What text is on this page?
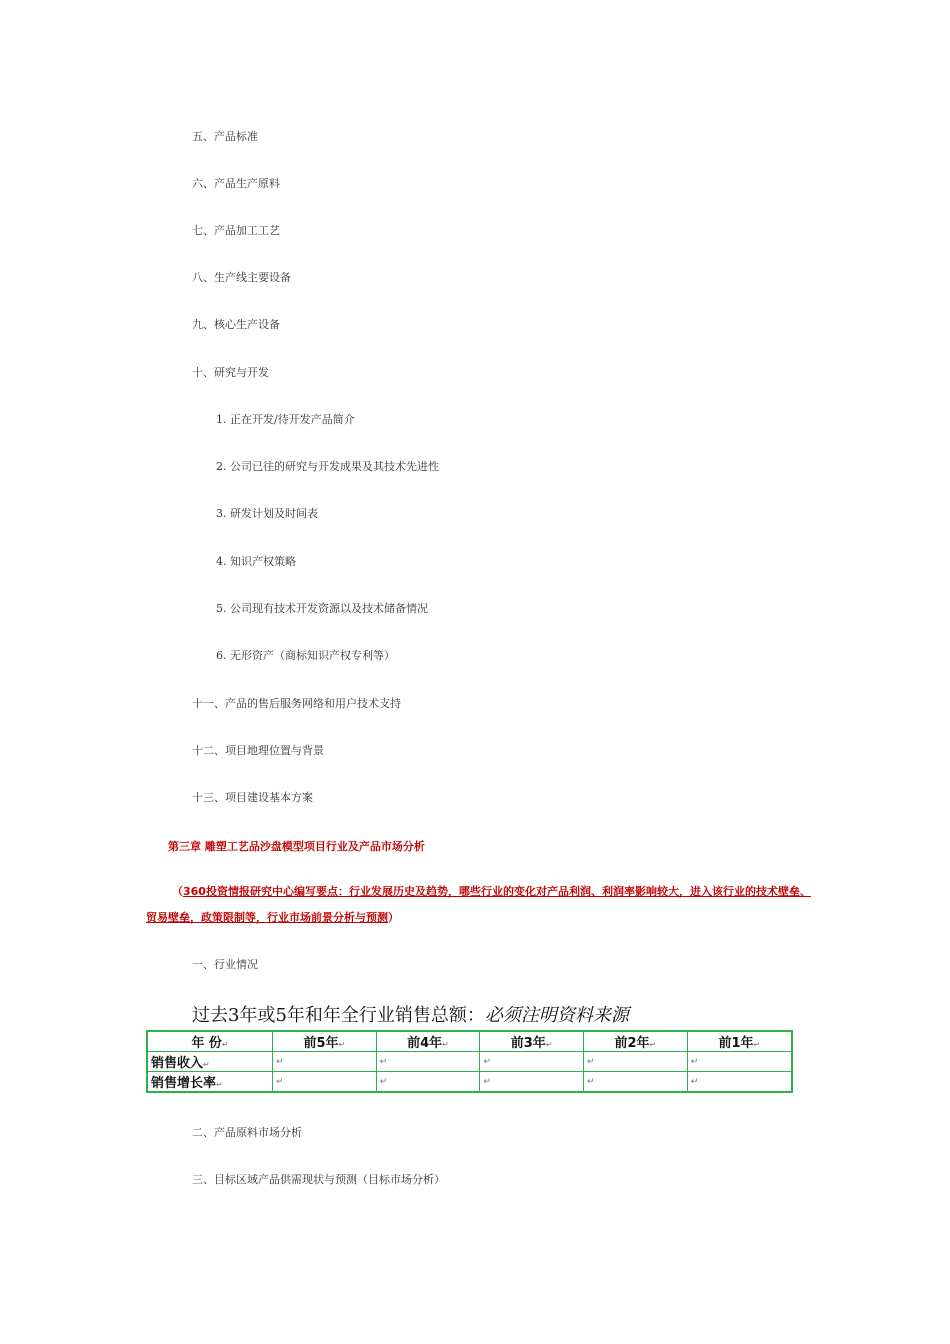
五、产品标准
六、产品生产原料
七、产品加工工艺
八、生产线主要设备
九、核心生产设备
十、研究与开发
1. 正在开发/待开发产品简介
2. 公司已往的研究与开发成果及其技术先进性
3. 研发计划及时间表
4. 知识产权策略
5. 公司现有技术开发资源以及技术储备情况
6. 无形资产（商标知识产权专利等）
十一、产品的售后服务网络和用户技术支持
十二、项目地理位置与背景
十三、项目建设基本方案
第三章 雕塑工艺品沙盘模型项目行业及产品市场分析
（360投资情报研究中心编写要点：行业发展历史及趋势，哪些行业的变化对产品利润、利润率影响较大，进入该行业的技术壁垒、贸易壁垒，政策限制等，行业市场前景分析与预测）
一、行业情况
过去3年或5年和年全行业销售总额：必须注明资料来源
年 份↵	前5年↵	前4年↵	前3年↵	前2年↵	前1年↵
销售收入↵	↵	↵	↵	↵	↵
销售增长率↵	↵	↵	↵	↵	↵
二、产品原料市场分析
三、目标区域产品供需现状与预测（目标市场分析）
